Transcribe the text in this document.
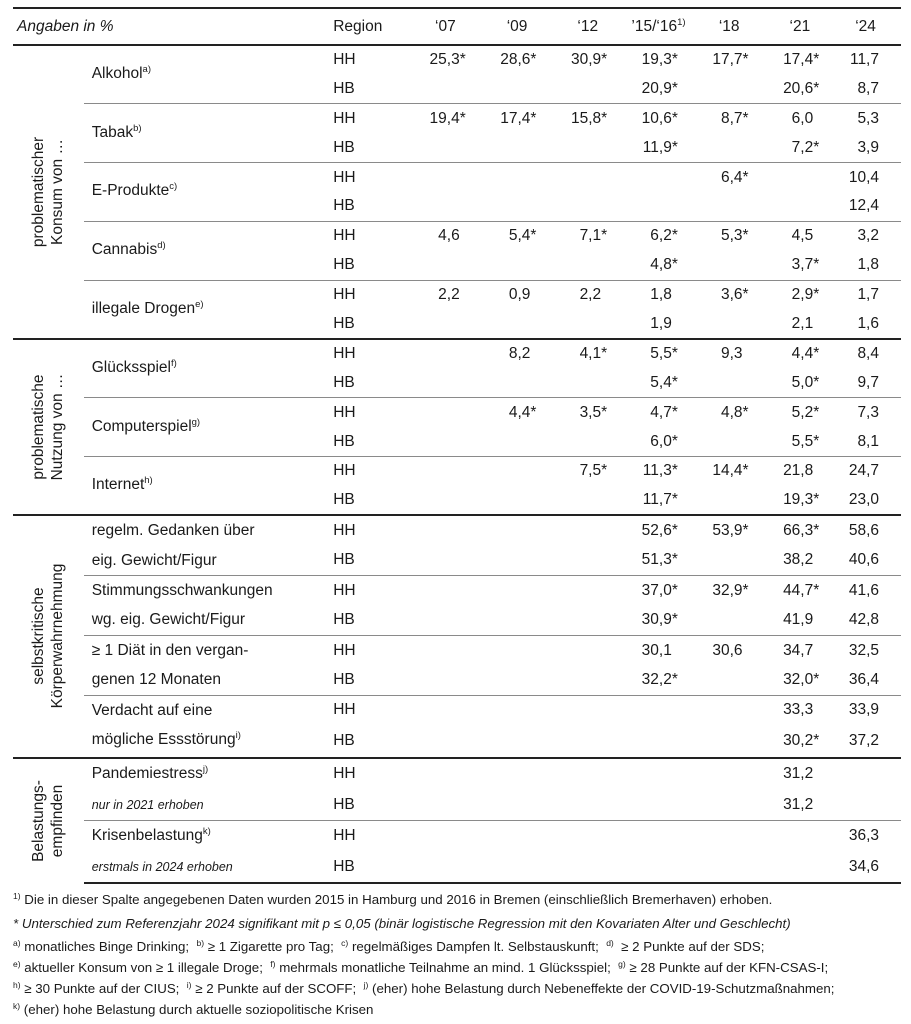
Angaben in %		Region	‘07	‘09	‘12	’15/‘16$^{1)}$	‘18	‘21	‘24

problematischer Konsum von …	Alkohol$^{a)}$	HH	25,3*	28,6*	30,9*	19,3*	17,7*	17,4*	11,7
		HB				20,9*		20,6*	8,7
	Tabak$^{b)}$	HH	19,4*	17,4*	15,8*	10,6*	8,7*	6,0	5,3
		HB				11,9*		7,2*	3,9
	E-Produkte$^{c)}$	HH					6,4*		10,4
		HB							12,4
	Cannabis$^{d)}$	HH	4,6	5,4*	7,1*	6,2*	5,3*	4,5	3,2
		HB				4,8*		3,7*	1,8
	illegale Drogen$^{e)}$	HH	2,2	0,9	2,2	1,8	3,6*	2,9*	1,7
		HB				1,9		2,1	1,6

problematische Nutzung von …	Glücksspiel$^{f)}$	HH		8,2	4,1*	5,5*	9,3	4,4*	8,4
		HB				5,4*		5,0*	9,7
	Computerspiel$^{g)}$	HH		4,4*	3,5*	4,7*	4,8*	5,2*	7,3
		HB				6,0*		5,5*	8,1
	Internet$^{h)}$	HH			7,5*	11,3*	14,4*	21,8	24,7
		HB				11,7*		19,3*	23,0

selbstkritische Körperwahrnehmung	regelm. Gedanken über	HH				52,6*	53,9*	66,3*	58,6
	eig. Gewicht/Figur	HB				51,3*		38,2	40,6
	Stimmungsschwankungen	HH				37,0*	32,9*	44,7*	41,6
	wg. eig. Gewicht/Figur	HB				30,9*		41,9	42,8
	≥ 1 Diät in den vergan-	HH				30,1	30,6	34,7	32,5
	genen 12 Monaten	HB				32,2*		32,0*	36,4
	Verdacht auf eine	HH						33,3	33,9
	mögliche Essstörung$^{i)}$	HB						30,2*	37,2

Belastungs- empfinden	Pandemiestress$^{j)}$	HH						31,2	
	nur in 2021 erhoben	HB						31,2	
	Krisenbelastung$^{k)}$	HH							36,3
	erstmals in 2024 erhoben	HB							34,6

$^{1)}$ Die in dieser Spalte angegebenen Daten wurden 2015 in Hamburg und 2016 in Bremen (einschließlich Bremerhaven) erhoben.

* Unterschied zum Referenzjahr 2024 signifikant mit p ≤ 0,05 (binär logistische Regression mit den Kovariaten Alter und Geschlecht)

$^{a)}$ monatliches Binge Drinking;  $^{b)}$ ≥ 1 Zigarette pro Tag;  $^{c)}$ regelmäßiges Dampfen lt. Selbstauskunft;  $^{d)}$  ≥ 2 Punkte auf der SDS;

$^{e)}$ aktueller Konsum von ≥ 1 illegale Droge;  $^{f)}$ mehrmals monatliche Teilnahme an mind. 1 Glücksspiel;  $^{g)}$ ≥ 28 Punkte auf der KFN-CSAS-I;

$^{h)}$ ≥ 30 Punkte auf der CIUS;  $^{i)}$ ≥ 2 Punkte auf der SCOFF;  $^{j)}$ (eher) hohe Belastung durch Nebeneffekte der COVID-19-Schutzmaßnahmen;

$^{k)}$ (eher) hohe Belastung durch aktuelle soziopolitische Krisen
